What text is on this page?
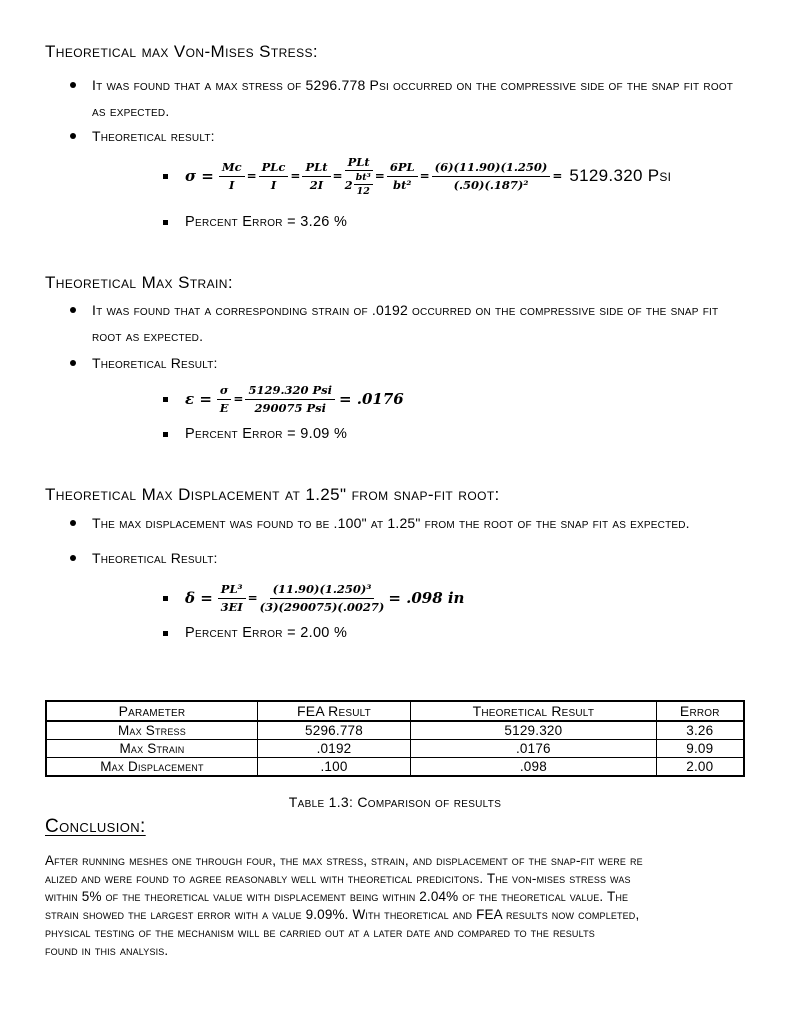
Theoretical max Von-Mises Stress:
It was found that a max stress of 5296.778 Psi occurred on the compressive side of the snap fit root as expected.
Theoretical result:
$\sigma = \frac{Mc}{I} = \frac{\text{PLc}}{I} = \frac{\text{PLt}}{2I} = \frac{\text{PLt}}{2 \frac{\text{bt³}}{12}} = \frac{6PL}{\text{bt²}} = \frac{(6)(11.90)(1.250)}{\text{(.50)(.187)²}} = 5129.320$ Psi
Percent Error = 3.26 %
Theoretical Max Strain:
It was found that a corresponding strain of .0192 occurred on the compressive side of the snap fit root as expected.
Theoretical Result:
$\varepsilon = \frac{\sigma}{E} = \frac{\text{5129.320 Psi}}{\text{290075 Psi}} = .0176$
Percent Error = 9.09 %
Theoretical Max Displacement at 1.25" from snap-fit root:
The max displacement was found to be .100" at 1.25" from the root of the snap fit as expected.
Theoretical Result:
$\delta = \frac{\text{PL³}}{3EI} = \frac{\text{(11.90)(1.250)³}}{(3)(290075)(.0027)} = .098$ in
Percent Error = 2.00 %
Parameter	FEA Result	Theoretical Result	Error
Max Stress	5296.778	5129.320	3.26
Max Strain	.0192	.0176	9.09
Max Displacement	.100	.098	2.00
Table 1.3: Comparison of results
Conclusion:
After running meshes one through four, the max stress, strain, and displacement of the snap-fit were re
alized and were found to agree reasonably well with theoretical predicitons. The von-mises stress was
within 5% of the theoretical value with displacement being within 2.04% of the theoretical value. The
strain showed the largest error with a value 9.09%. With theoretical and FEA results now completed,
physical testing of the mechanism will be carried out at a later date and compared to the results
found in this analysis.
